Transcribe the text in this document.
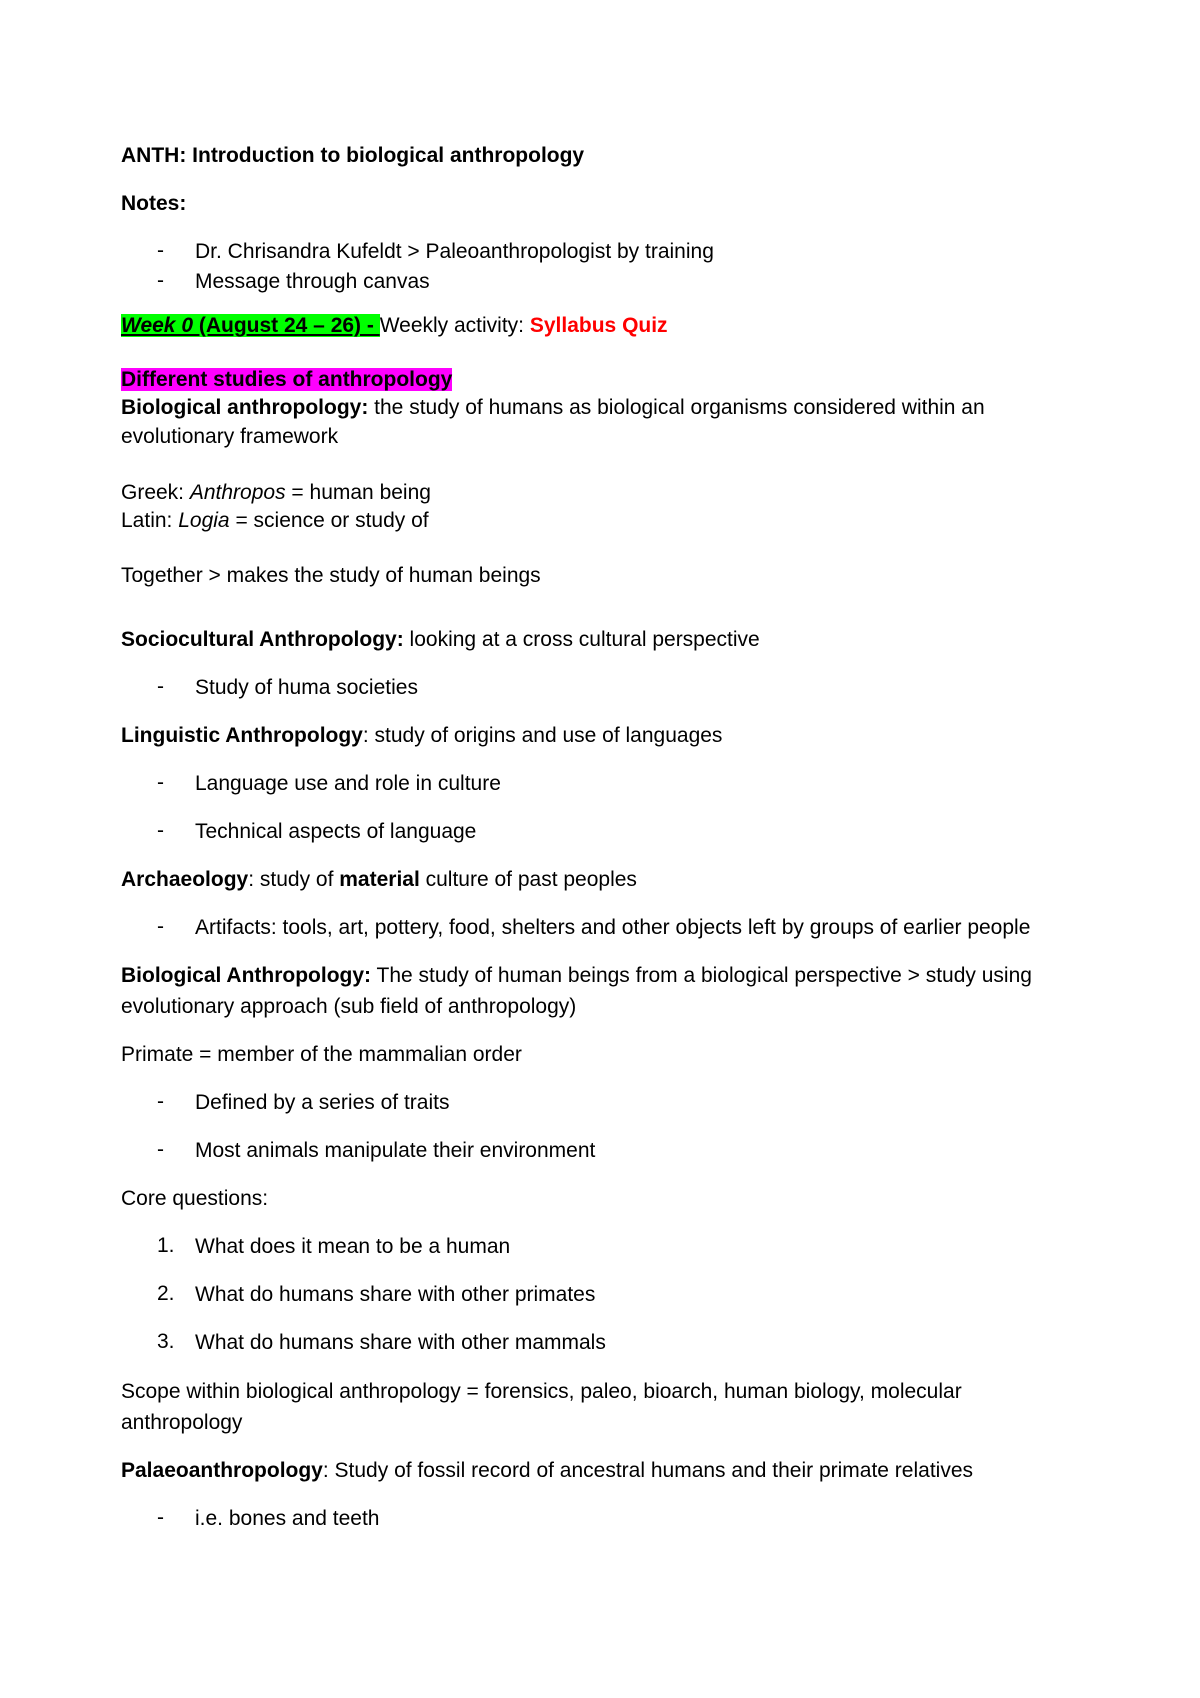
ANTH: Introduction to biological anthropology
Notes:
-	Dr. Chrisandra Kufeldt > Paleoanthropologist by training
-	Message through canvas
Week 0 (August 24 – 26) - Weekly activity: Syllabus Quiz
Different studies of anthropology
Biological anthropology: the study of humans as biological organisms considered within an
evolutionary framework
Greek: Anthropos = human being
Latin: Logia = science or study of
Together > makes the study of human beings
Sociocultural Anthropology: looking at a cross cultural perspective
-	Study of huma societies
Linguistic Anthropology: study of origins and use of languages
-	Language use and role in culture
-	Technical aspects of language
Archaeology: study of material culture of past peoples
-	Artifacts: tools, art, pottery, food, shelters and other objects left by groups of earlier people
Biological Anthropology: The study of human beings from a biological perspective > study using
evolutionary approach (sub field of anthropology)
Primate = member of the mammalian order
-	Defined by a series of traits
-	Most animals manipulate their environment
Core questions:
1. What does it mean to be a human
2. What do humans share with other primates
3. What do humans share with other mammals
Scope within biological anthropology = forensics, paleo, bioarch, human biology, molecular
anthropology
Palaeoanthropology: Study of fossil record of ancestral humans and their primate relatives
-	i.e. bones and teeth
